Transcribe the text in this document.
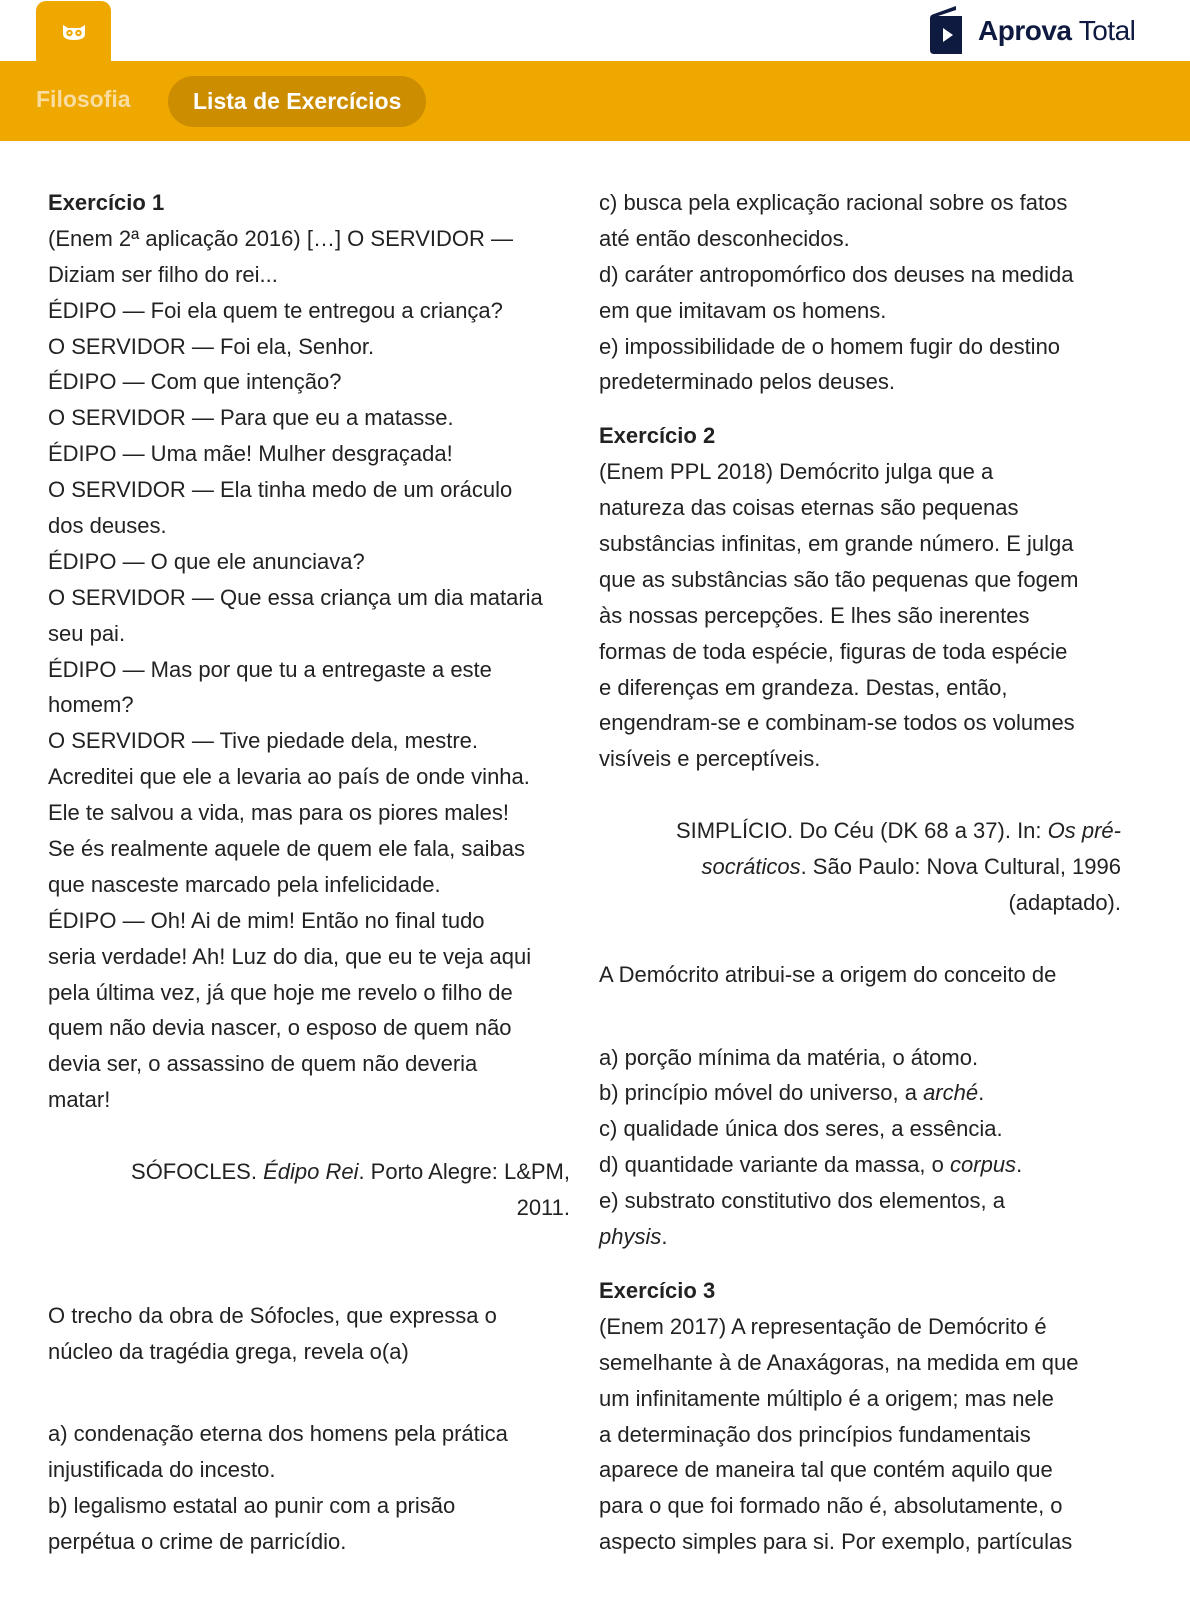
Aprova Total
Filosofia	Lista de Exercícios
Exercício 1
(Enem 2ª aplicação 2016) […] O SERVIDOR —
Diziam ser filho do rei...
ÉDIPO — Foi ela quem te entregou a criança?
O SERVIDOR — Foi ela, Senhor.
ÉDIPO — Com que intenção?
O SERVIDOR — Para que eu a matasse.
ÉDIPO — Uma mãe! Mulher desgraçada!
O SERVIDOR — Ela tinha medo de um oráculo
dos deuses.
ÉDIPO — O que ele anunciava?
O SERVIDOR — Que essa criança um dia mataria
seu pai.
ÉDIPO — Mas por que tu a entregaste a este
homem?
O SERVIDOR — Tive piedade dela, mestre.
Acreditei que ele a levaria ao país de onde vinha.
Ele te salvou a vida, mas para os piores males!
Se és realmente aquele de quem ele fala, saibas
que nasceste marcado pela infelicidade.
ÉDIPO — Oh! Ai de mim! Então no final tudo
seria verdade! Ah! Luz do dia, que eu te veja aqui
pela última vez, já que hoje me revelo o filho de
quem não devia nascer, o esposo de quem não
devia ser, o assassino de quem não deveria
matar!
SÓFOCLES. Édipo Rei. Porto Alegre: L&PM,
2011.
O trecho da obra de Sófocles, que expressa o
núcleo da tragédia grega, revela o(a)
a) condenação eterna dos homens pela prática
injustificada do incesto.
b) legalismo estatal ao punir com a prisão
perpétua o crime de parricídio.
c) busca pela explicação racional sobre os fatos
até então desconhecidos.
d) caráter antropomórfico dos deuses na medida
em que imitavam os homens.
e) impossibilidade de o homem fugir do destino
predeterminado pelos deuses.
Exercício 2
(Enem PPL 2018) Demócrito julga que a
natureza das coisas eternas são pequenas
substâncias infinitas, em grande número. E julga
que as substâncias são tão pequenas que fogem
às nossas percepções. E lhes são inerentes
formas de toda espécie, figuras de toda espécie
e diferenças em grandeza. Destas, então,
engendram-se e combinam-se todos os volumes
visíveis e perceptíveis.
SIMPLÍCIO. Do Céu (DK 68 a 37). In: Os pré-
socráticos. São Paulo: Nova Cultural, 1996
(adaptado).
A Demócrito atribui-se a origem do conceito de
a) porção mínima da matéria, o átomo.
b) princípio móvel do universo, a arché.
c) qualidade única dos seres, a essência.
d) quantidade variante da massa, o corpus.
e) substrato constitutivo dos elementos, a
physis.
Exercício 3
(Enem 2017) A representação de Demócrito é
semelhante à de Anaxágoras, na medida em que
um infinitamente múltiplo é a origem; mas nele
a determinação dos princípios fundamentais
aparece de maneira tal que contém aquilo que
para o que foi formado não é, absolutamente, o
aspecto simples para si. Por exemplo, partículas
